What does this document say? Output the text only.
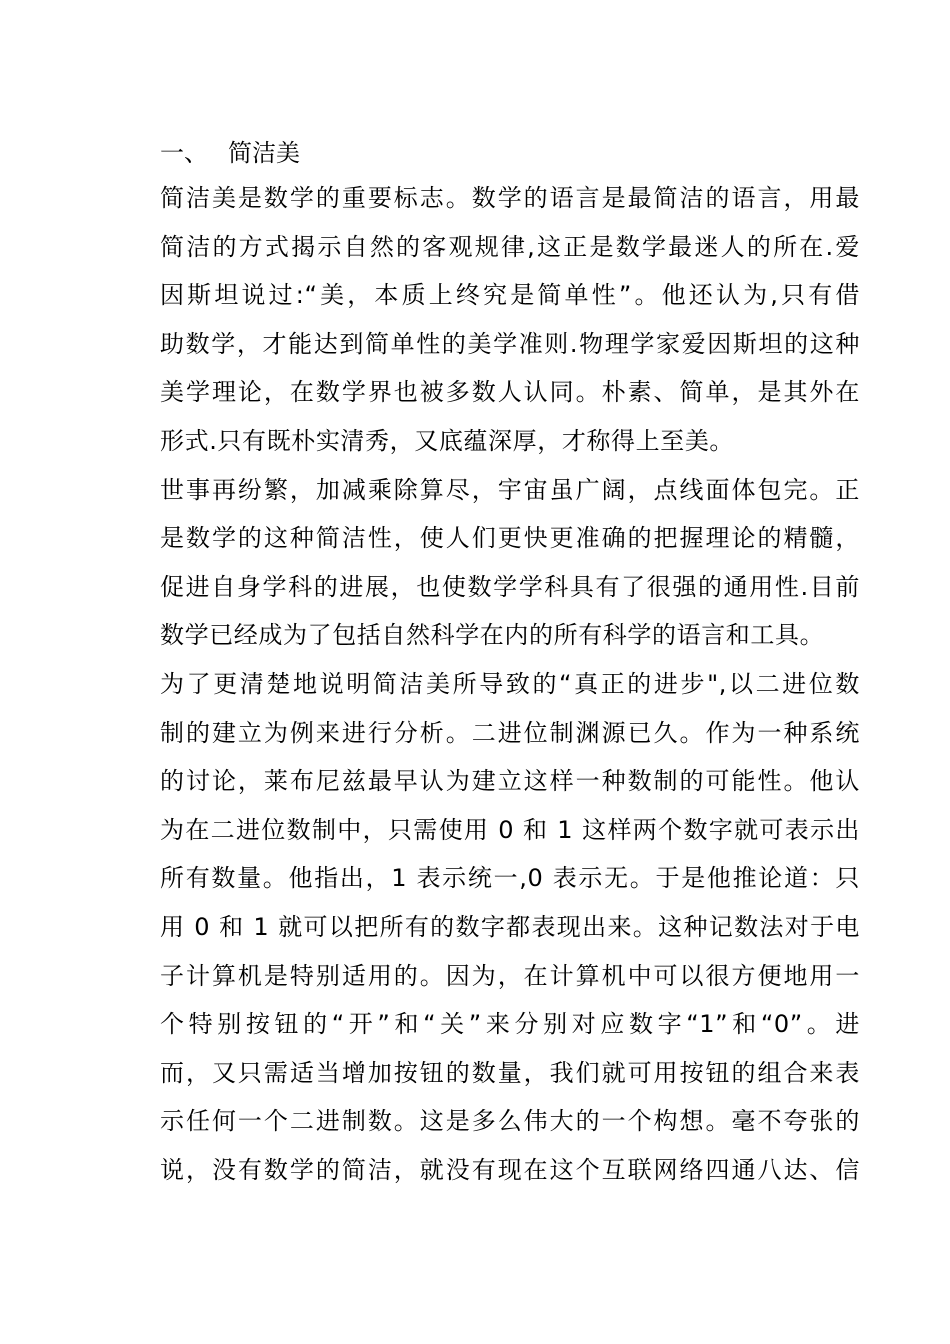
一、 简洁美

简洁美是数学的重要标志。数学的语言是最简洁的语言，用最
简洁的方式揭示自然的客观规律,这正是数学最迷人的所在.爱
因斯坦说过:“美，本质上终究是简单性”。他还认为,只有借
助数学，才能达到简单性的美学准则.物理学家爱因斯坦的这种
美学理论，在数学界也被多数人认同。朴素、简单，是其外在
形式.只有既朴实清秀，又底蕴深厚，才称得上至美。

世事再纷繁，加减乘除算尽，宇宙虽广阔，点线面体包完。正
是数学的这种简洁性，使人们更快更准确的把握理论的精髓，
促进自身学科的进展，也使数学学科具有了很强的通用性.目前
数学已经成为了包括自然科学在内的所有科学的语言和工具。

为了更清楚地说明简洁美所导致的“真正的进步",以二进位数
制的建立为例来进行分析。二进位制渊源已久。作为一种系统
的讨论，莱布尼兹最早认为建立这样一种数制的可能性。他认
为在二进位数制中，只需使用 0 和 1 这样两个数字就可表示出
所有数量。他指出，1 表示统一,0 表示无。于是他推论道：只
用 0 和 1 就可以把所有的数字都表现出来。这种记数法对于电
子计算机是特别适用的。因为，在计算机中可以很方便地用一
个特别按钮的“开”和“关”来分别对应数字“1”和“0”。进
而，又只需适当增加按钮的数量，我们就可用按钮的组合来表
示任何一个二进制数。这是多么伟大的一个构想。毫不夸张的
说，没有数学的简洁，就没有现在这个互联网络四通八达、信
